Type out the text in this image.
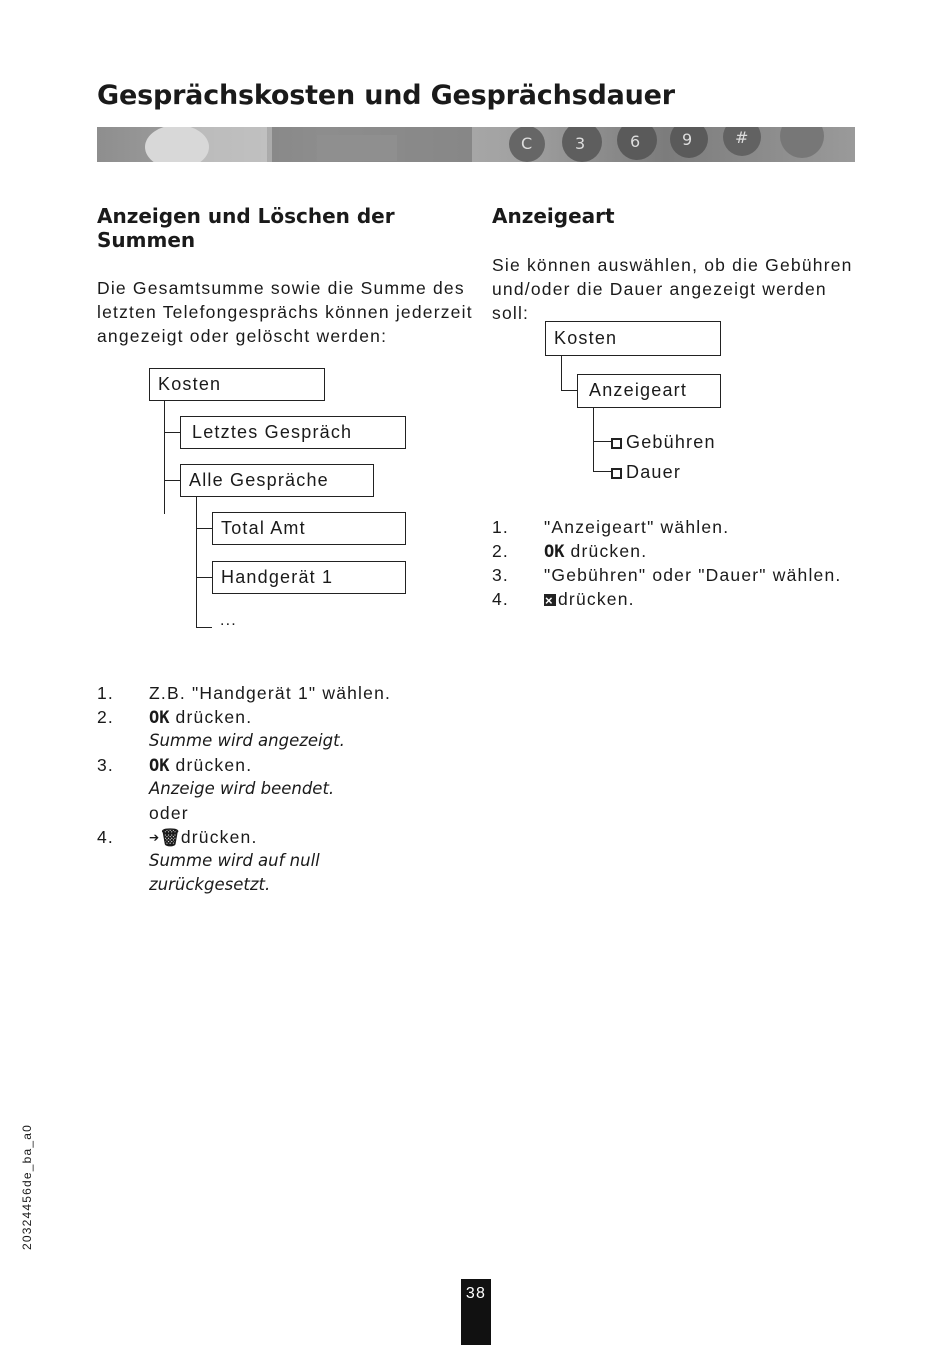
Gesprächskosten und Gesprächsdauer
C	3	6	9	#
Anzeigen und Löschen der Summen
Die Gesamtsumme sowie die Summe des
letzten Telefongesprächs können jederzeit
angezeigt oder gelöscht werden:
Kosten
Letztes Gespräch
Alle Gespräche
Total Amt
Handgerät 1
...
1. Z.B. "Handgerät 1" wählen.
2. OK drücken.
Summe wird angezeigt.
3. OK drücken.
Anzeige wird beendet.
oder
4. ➔🗑drücken.
Summe wird auf null
zurückgesetzt.
Anzeigeart
Sie können auswählen, ob die Gebühren
und/oder die Dauer angezeigt werden soll:
Kosten
Anzeigeart
Gebühren
Dauer
1. "Anzeigeart" wählen.
2. OK drücken.
3. "Gebühren" oder "Dauer" wählen.
4.
×	drücken.
20324456de_ba_a0
38
